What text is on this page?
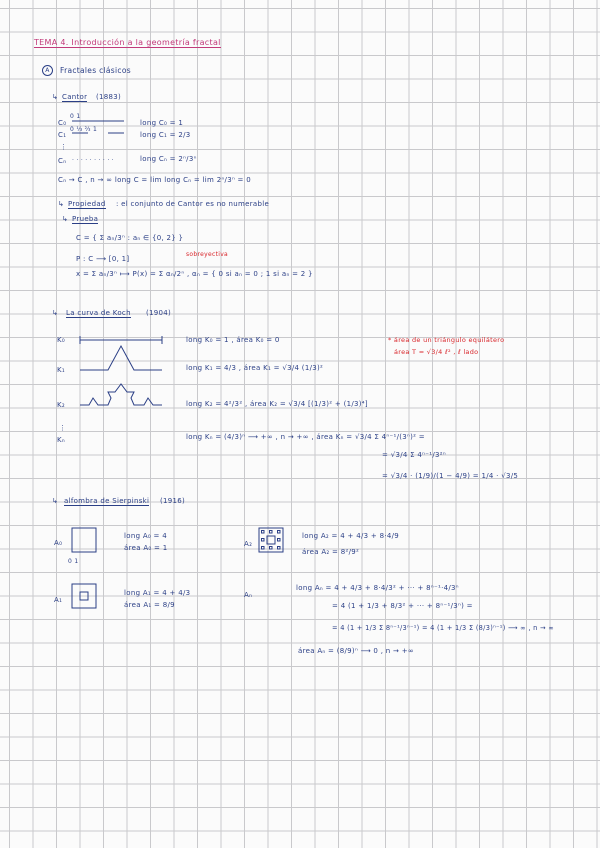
TEMA 4. Introducción a la geometría fractal
A	Fractales clásicos
↳ Cantor (1883)
C₀
0 1
long C₀ = 1
C₁
0 ⅓ ⅔ 1
long C₁ = 2/3
⋮
Cₙ · · · · · · · · · ·	long Cₙ = 2ⁿ/3ⁿ
Cₙ → C , n → ∞ long C = lim long Cₙ = lim 2ⁿ/3ⁿ = 0
↳ Propiedad : el conjunto de Cantor es no numerable
↳ Prueba
C = { Σ aₙ/3ⁿ : aₙ ∈ {0, 2} }
sobreyectiva
P : C ⟶ [0, 1]
x = Σ aₙ/3ⁿ ⟼ P(x) = Σ αₙ/2ⁿ , αₙ = { 0 si aₙ = 0 ; 1 si aₙ = 2 }
↳ La curva de Koch (1904)
K₀
K₁
K₂
⋮
Kₙ
long K₀ = 1 , área K₀ = 0
long K₁ = 4/3 , área K₁ = √3/4 (1/3)²
long K₂ = 4²/3² , área K₂ = √3/4 [(1/3)² + (1/3)⁴]
long Kₙ = (4/3)ⁿ ⟶ +∞ , n → +∞ , área Kₙ = √3/4 Σ 4ⁿ⁻¹/(3ⁿ)² =
= √3/4 Σ 4ⁿ⁻¹/3²ⁿ
= √3/4 · (1/9)/(1 − 4/9) = 1/4 · √3/5
* área de un triángulo equilátero
área T = √3/4 ℓ² , ℓ lado
↳ alfombra de Sierpinski (1916)
A₀
0 1
long A₀ = 4
área A₀ = 1
A₁
long A₁ = 4 + 4/3
área A₁ = 8/9
A₂
long A₂ = 4 + 4/3 + 8·4/9
área A₂ = 8²/9²
Aₙ
long Aₙ = 4 + 4/3 + 8·4/3² + ··· + 8ⁿ⁻¹·4/3ⁿ
= 4 (1 + 1/3 + 8/3² + ··· + 8ⁿ⁻¹/3ⁿ) =
= 4 (1 + 1/3 Σ 8ⁿ⁻¹/3ⁿ⁻¹) = 4 (1 + 1/3 Σ (8/3)ⁿ⁻¹) ⟶ ∞ , n → ∞
área Aₙ = (8/9)ⁿ ⟶ 0 , n → +∞
